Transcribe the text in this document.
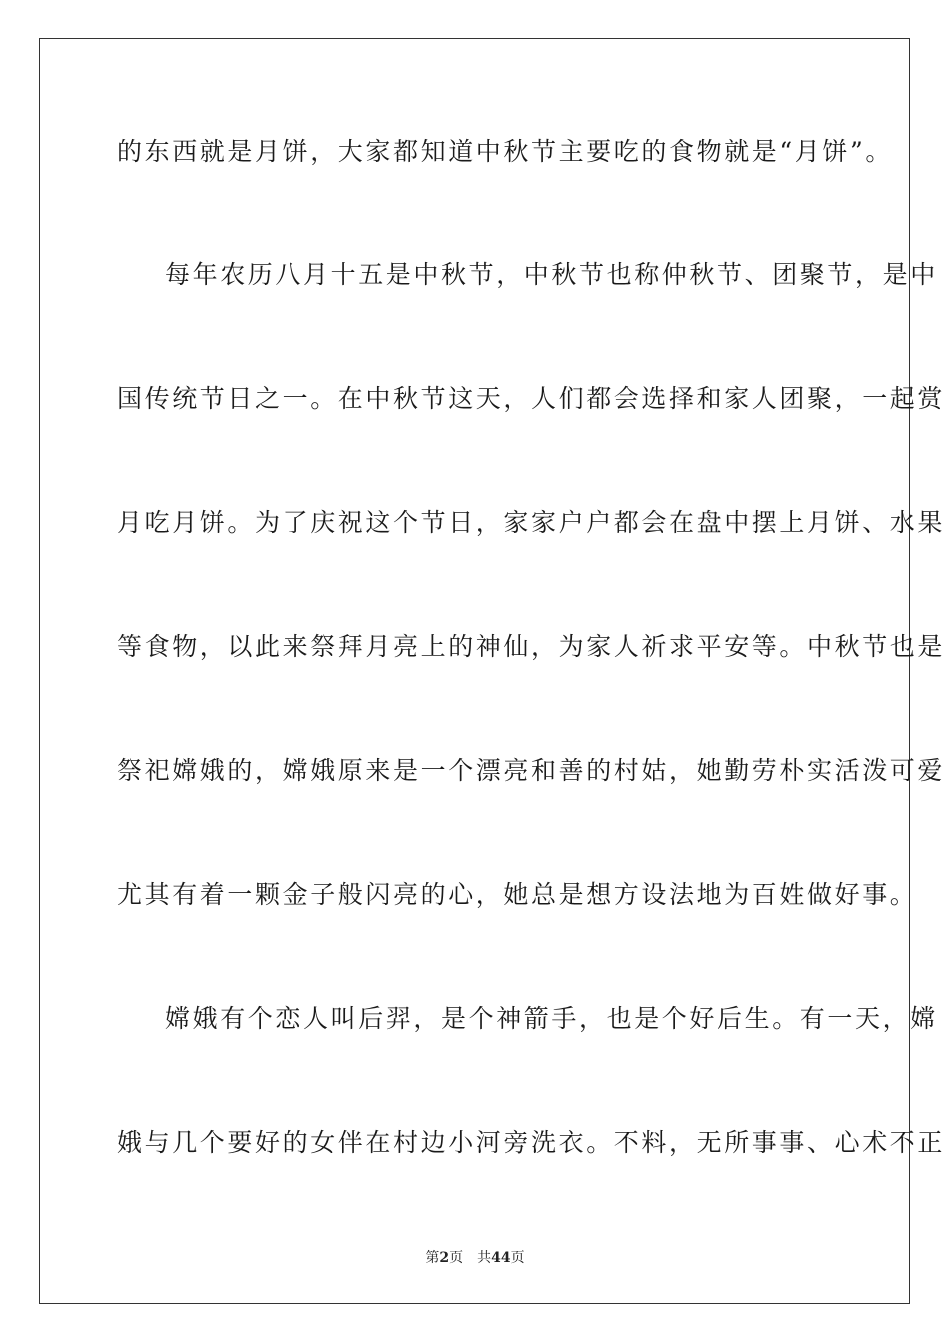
的东西就是月饼，大家都知道中秋节主要吃的食物就是“月饼”。
每年农历八月十五是中秋节，中秋节也称仲秋节、团聚节，是中
国传统节日之一。在中秋节这天，人们都会选择和家人团聚，一起赏
月吃月饼。为了庆祝这个节日，家家户户都会在盘中摆上月饼、水果
等食物，以此来祭拜月亮上的神仙，为家人祈求平安等。中秋节也是
祭祀嫦娥的，嫦娥原来是一个漂亮和善的村姑，她勤劳朴实活泼可爱
尤其有着一颗金子般闪亮的心，她总是想方设法地为百姓做好事。
嫦娥有个恋人叫后羿，是个神箭手，也是个好后生。有一天，嫦
娥与几个要好的女伴在村边小河旁洗衣。不料，无所事事、心术不正
第2页 共44页
